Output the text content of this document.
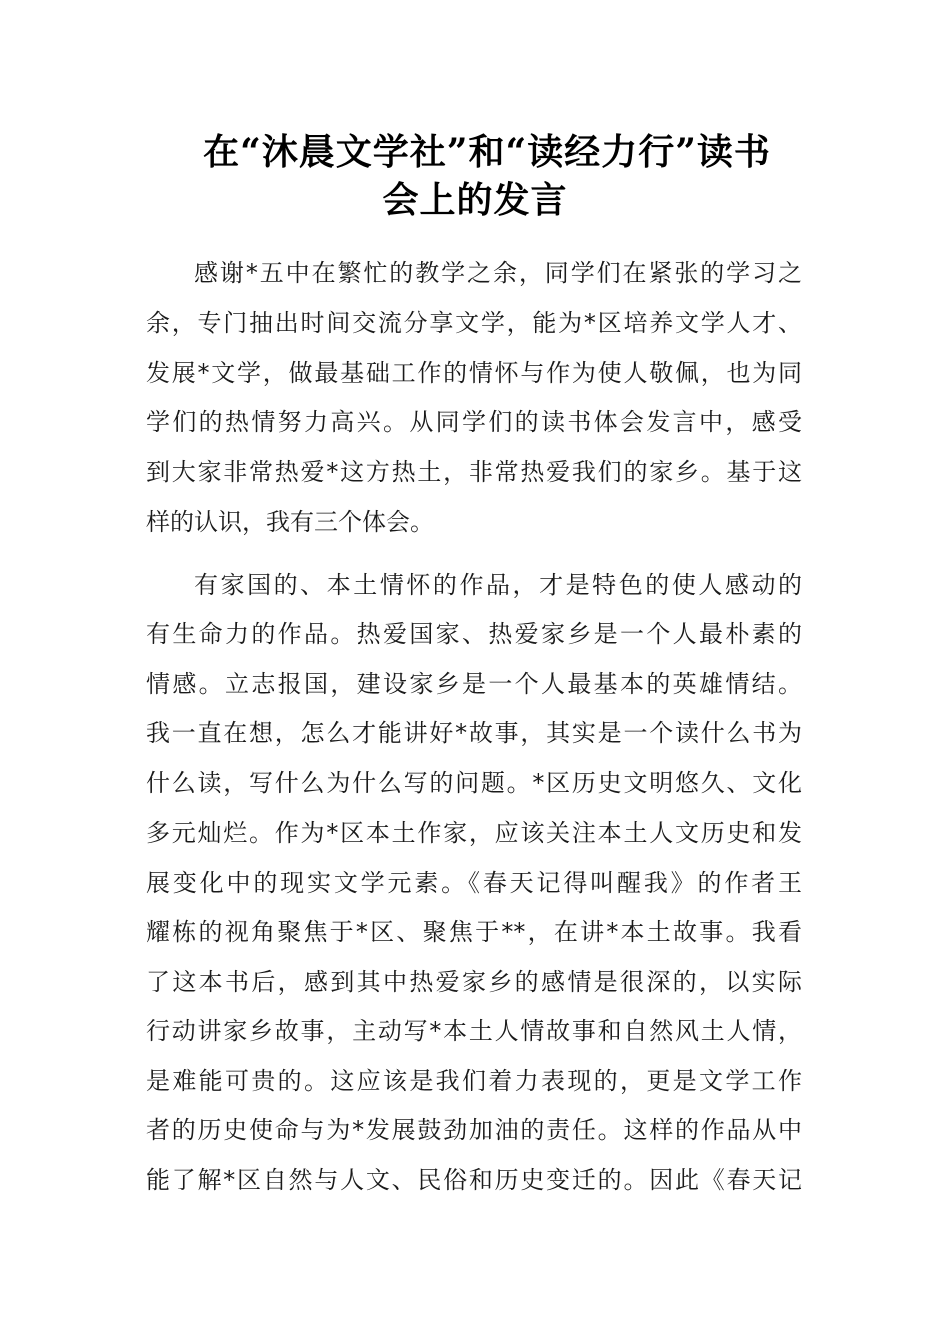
在“沐晨文学社”和“读经力行”读书
会上的发言
感谢*五中在繁忙的教学之余，同学们在紧张的学习之
余，专门抽出时间交流分享文学，能为*区培养文学人才、
发展*文学，做最基础工作的情怀与作为使人敬佩，也为同
学们的热情努力高兴。从同学们的读书体会发言中，感受
到大家非常热爱*这方热土，非常热爱我们的家乡。基于这
样的认识，我有三个体会。
有家国的、本土情怀的作品，才是特色的使人感动的
有生命力的作品。热爱国家、热爱家乡是一个人最朴素的
情感。立志报国，建设家乡是一个人最基本的英雄情结。
我一直在想，怎么才能讲好*故事，其实是一个读什么书为
什么读，写什么为什么写的问题。*区历史文明悠久、文化
多元灿烂。作为*区本土作家，应该关注本土人文历史和发
展变化中的现实文学元素。《春天记得叫醒我》的作者王
耀栋的视角聚焦于*区、聚焦于**，在讲*本土故事。我看
了这本书后，感到其中热爱家乡的感情是很深的，以实际
行动讲家乡故事，主动写*本土人情故事和自然风土人情，
是难能可贵的。这应该是我们着力表现的，更是文学工作
者的历史使命与为*发展鼓劲加油的责任。这样的作品从中
能了解*区自然与人文、民俗和历史变迁的。因此《春天记
